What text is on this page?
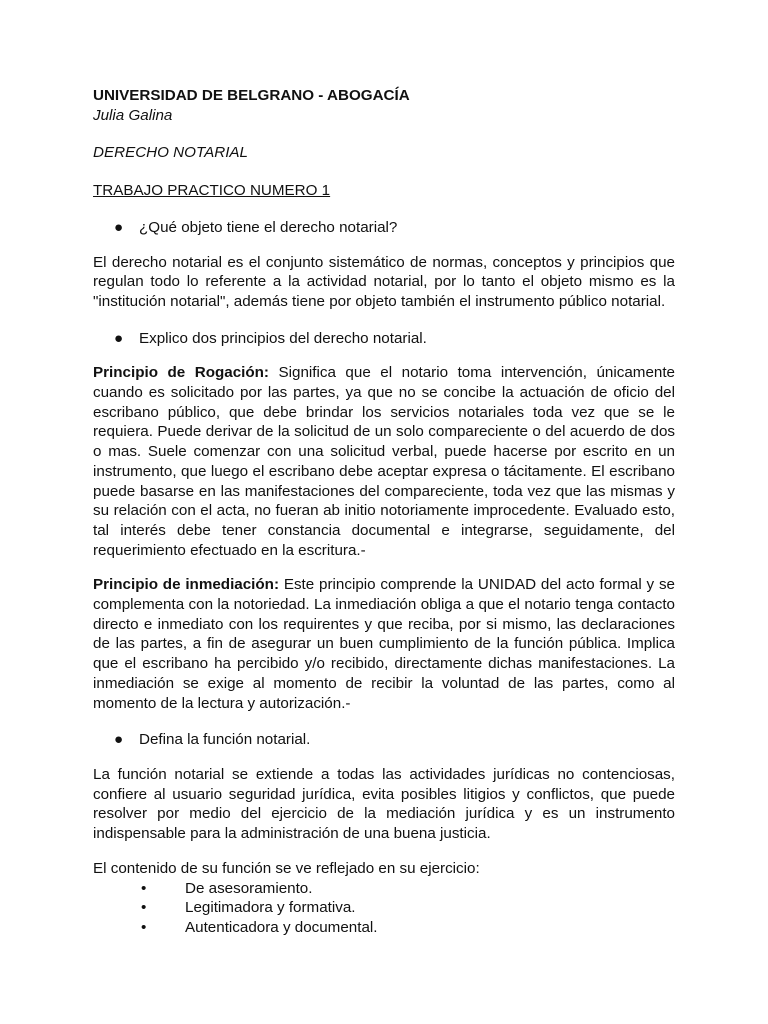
UNIVERSIDAD DE BELGRANO - ABOGACÍA

Julia Galina

DERECHO NOTARIAL

TRABAJO PRACTICO NUMERO 1

● ¿Qué objeto tiene el derecho notarial?

El derecho notarial es el conjunto sistemático de normas, conceptos y principios que regulan todo lo referente a la actividad notarial, por lo tanto el objeto mismo es la "institución notarial", además tiene por objeto también el instrumento público notarial.

● Explico dos principios del derecho notarial.

Principio de Rogación: Significa que el notario toma intervención, únicamente cuando es solicitado por las partes, ya que no se concibe la actuación de oficio del escribano público, que debe brindar los servicios notariales toda vez que se le requiera. Puede derivar de la solicitud de un solo compareciente o del acuerdo de dos o mas. Suele comenzar con una solicitud verbal, puede hacerse por escrito en un instrumento, que luego el escribano debe aceptar expresa o tácitamente. El escribano puede basarse en las manifestaciones del compareciente, toda vez que las mismas y su relación con el acta, no fueran ab initio notoriamente improcedente. Evaluado esto, tal interés debe tener constancia documental e integrarse, seguidamente, del requerimiento efectuado en la escritura.-

Principio de inmediación: Este principio comprende la UNIDAD del acto formal y se complementa con la notoriedad. La inmediación obliga a que el notario tenga contacto directo e inmediato con los requirentes y que reciba, por si mismo, las declaraciones de las partes, a fin de asegurar un buen cumplimiento de la función pública. Implica que el escribano ha percibido y/o recibido, directamente dichas manifestaciones. La inmediación se exige al momento de recibir la voluntad de las partes, como al momento de la lectura y autorización.-

● Defina la función notarial.

La función notarial se extiende a todas las actividades jurídicas no contenciosas, confiere al usuario seguridad jurídica, evita posibles litigios y conflictos, que puede resolver por medio del ejercicio de la mediación jurídica y es un instrumento indispensable para la administración de una buena justicia.

El contenido de su función se ve reflejado en su ejercicio:

•	De asesoramiento.
•	Legitimadora y formativa.
•	Autenticadora y documental.
